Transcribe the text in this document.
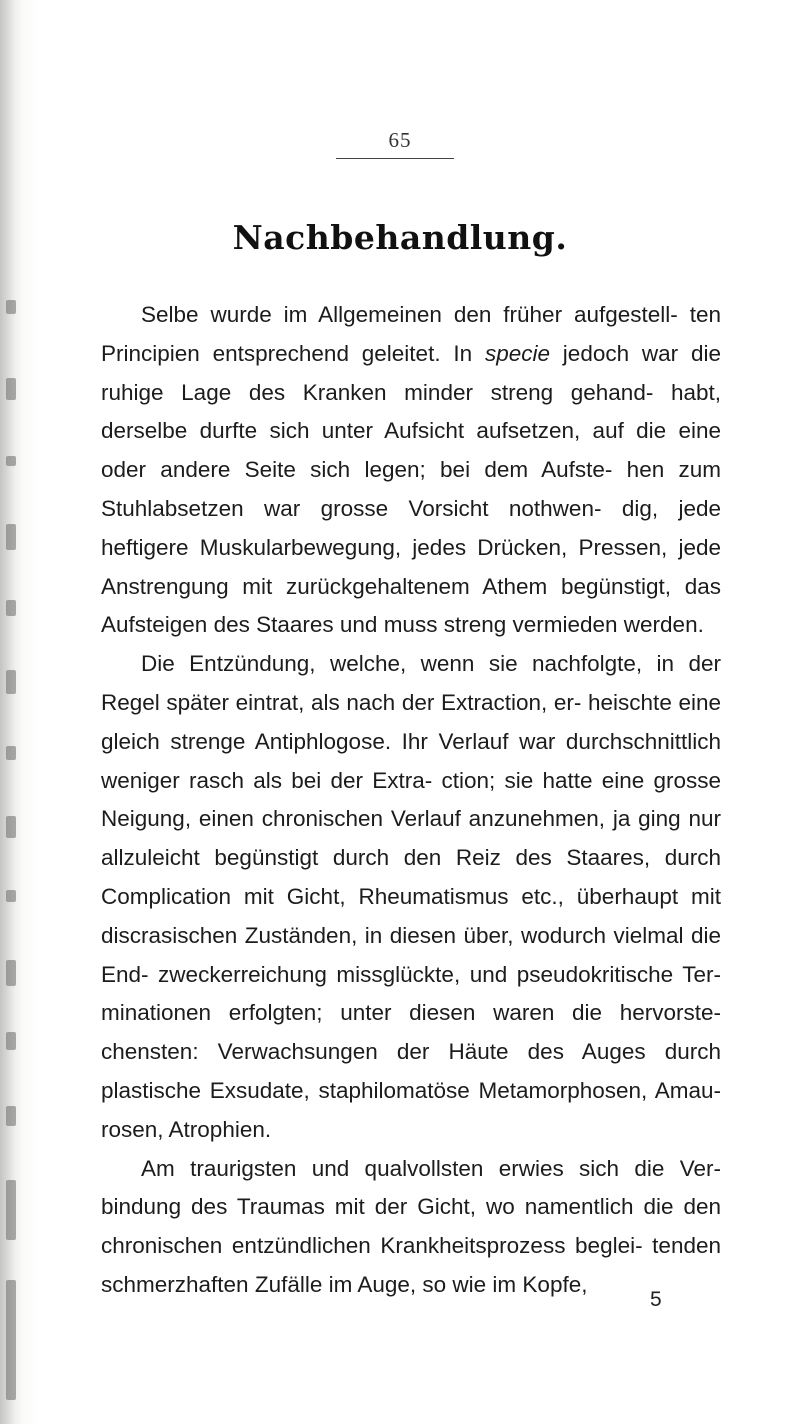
65
Nachbehandlung.

Selbe wurde im Allgemeinen den früher aufgestell- ten Principien entsprechend geleitet. In specie jedoch war die ruhige Lage des Kranken minder streng gehand- habt, derselbe durfte sich unter Aufsicht aufsetzen, auf die eine oder andere Seite sich legen; bei dem Aufste- hen zum Stuhlabsetzen war grosse Vorsicht nothwen- dig, jede heftigere Muskularbewegung, jedes Drücken, Pressen, jede Anstrengung mit zurückgehaltenem Athem begünstigt, das Aufsteigen des Staares und muss streng vermieden werden.

Die Entzündung, welche, wenn sie nachfolgte, in der Regel später eintrat, als nach der Extraction, er- heischte eine gleich strenge Antiphlogose. Ihr Verlauf war durchschnittlich weniger rasch als bei der Extra- ction; sie hatte eine grosse Neigung, einen chronischen Verlauf anzunehmen, ja ging nur allzuleicht begünstigt durch den Reiz des Staares, durch Complication mit Gicht, Rheumatismus etc., überhaupt mit discrasischen Zuständen, in diesen über, wodurch vielmal die End- zweckerreichung missglückte, und pseudokritische Ter- minationen erfolgten; unter diesen waren die hervorste- chensten: Verwachsungen der Häute des Auges durch plastische Exsudate, staphilomatöse Metamorphosen, Amau- rosen, Atrophien.

Am traurigsten und qualvollsten erwies sich die Ver- bindung des Traumas mit der Gicht, wo namentlich die den chronischen entzündlichen Krankheitsprozess beglei- tenden schmerzhaften Zufälle im Auge, so wie im Kopfe,

5
